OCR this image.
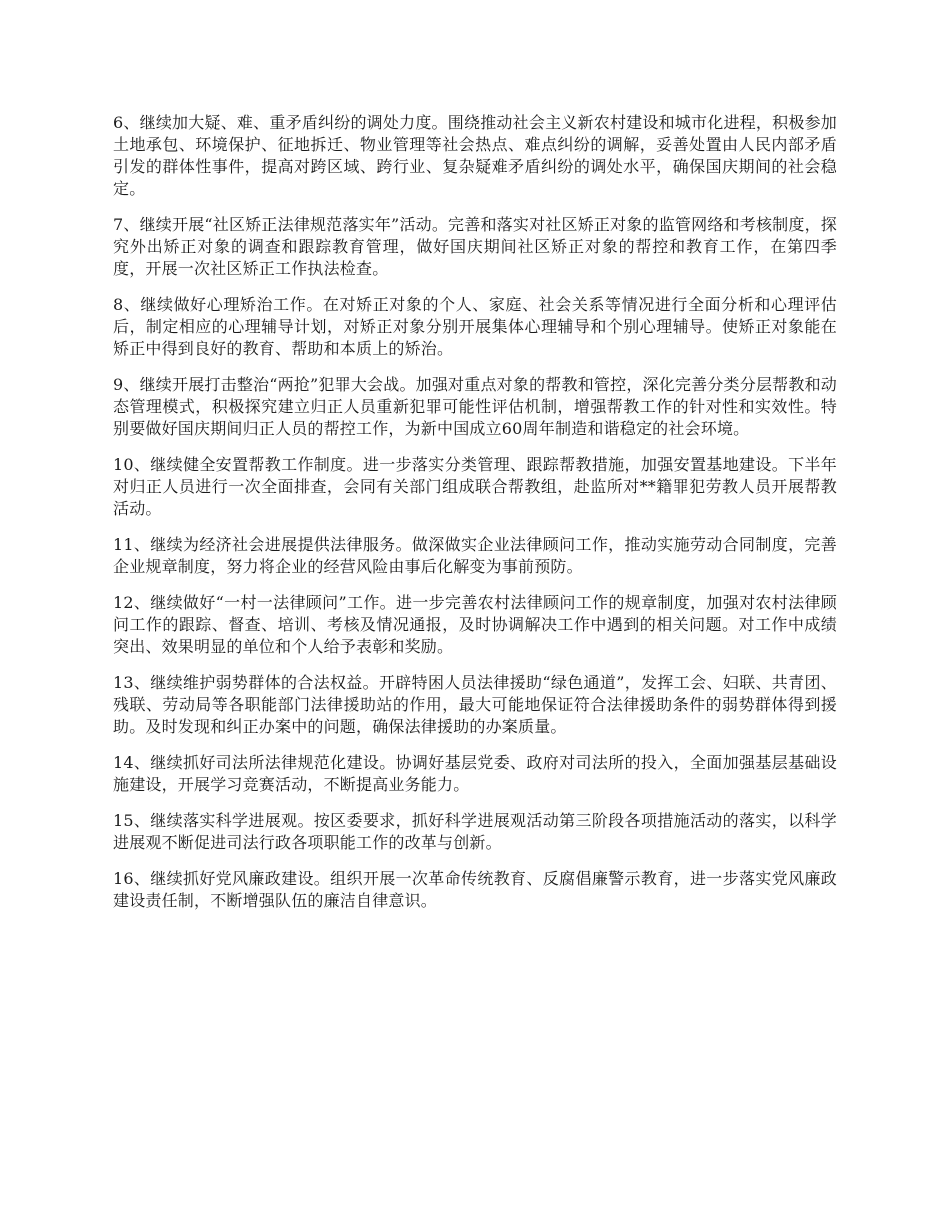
6、继续加大疑、难、重矛盾纠纷的调处力度。围绕推动社会主义新农村建设和城市化进程，积极参加土地承包、环境保护、征地拆迁、物业管理等社会热点、难点纠纷的调解，妥善处置由人民内部矛盾引发的群体性事件，提高对跨区域、跨行业、复杂疑难矛盾纠纷的调处水平，确保国庆期间的社会稳定。

7、继续开展“社区矫正法律规范落实年”活动。完善和落实对社区矫正对象的监管网络和考核制度，探究外出矫正对象的调查和跟踪教育管理，做好国庆期间社区矫正对象的帮控和教育工作，在第四季度，开展一次社区矫正工作执法检查。

8、继续做好心理矫治工作。在对矫正对象的个人、家庭、社会关系等情况进行全面分析和心理评估后，制定相应的心理辅导计划，对矫正对象分别开展集体心理辅导和个别心理辅导。使矫正对象能在矫正中得到良好的教育、帮助和本质上的矫治。

9、继续开展打击整治“两抢”犯罪大会战。加强对重点对象的帮教和管控，深化完善分类分层帮教和动态管理模式，积极探究建立归正人员重新犯罪可能性评估机制，增强帮教工作的针对性和实效性。特别要做好国庆期间归正人员的帮控工作，为新中国成立60周年制造和谐稳定的社会环境。

10、继续健全安置帮教工作制度。进一步落实分类管理、跟踪帮教措施，加强安置基地建设。下半年对归正人员进行一次全面排查，会同有关部门组成联合帮教组，赴监所对**籍罪犯劳教人员开展帮教活动。

11、继续为经济社会进展提供法律服务。做深做实企业法律顾问工作，推动实施劳动合同制度，完善企业规章制度，努力将企业的经营风险由事后化解变为事前预防。

12、继续做好“一村一法律顾问”工作。进一步完善农村法律顾问工作的规章制度，加强对农村法律顾问工作的跟踪、督查、培训、考核及情况通报，及时协调解决工作中遇到的相关问题。对工作中成绩突出、效果明显的单位和个人给予表彰和奖励。

13、继续维护弱势群体的合法权益。开辟特困人员法律援助“绿色通道”，发挥工会、妇联、共青团、残联、劳动局等各职能部门法律援助站的作用，最大可能地保证符合法律援助条件的弱势群体得到援助。及时发现和纠正办案中的问题，确保法律援助的办案质量。

14、继续抓好司法所法律规范化建设。协调好基层党委、政府对司法所的投入，全面加强基层基础设施建设，开展学习竞赛活动，不断提高业务能力。

15、继续落实科学进展观。按区委要求，抓好科学进展观活动第三阶段各项措施活动的落实，以科学进展观不断促进司法行政各项职能工作的改革与创新。

16、继续抓好党风廉政建设。组织开展一次革命传统教育、反腐倡廉警示教育，进一步落实党风廉政建设责任制，不断增强队伍的廉洁自律意识。
